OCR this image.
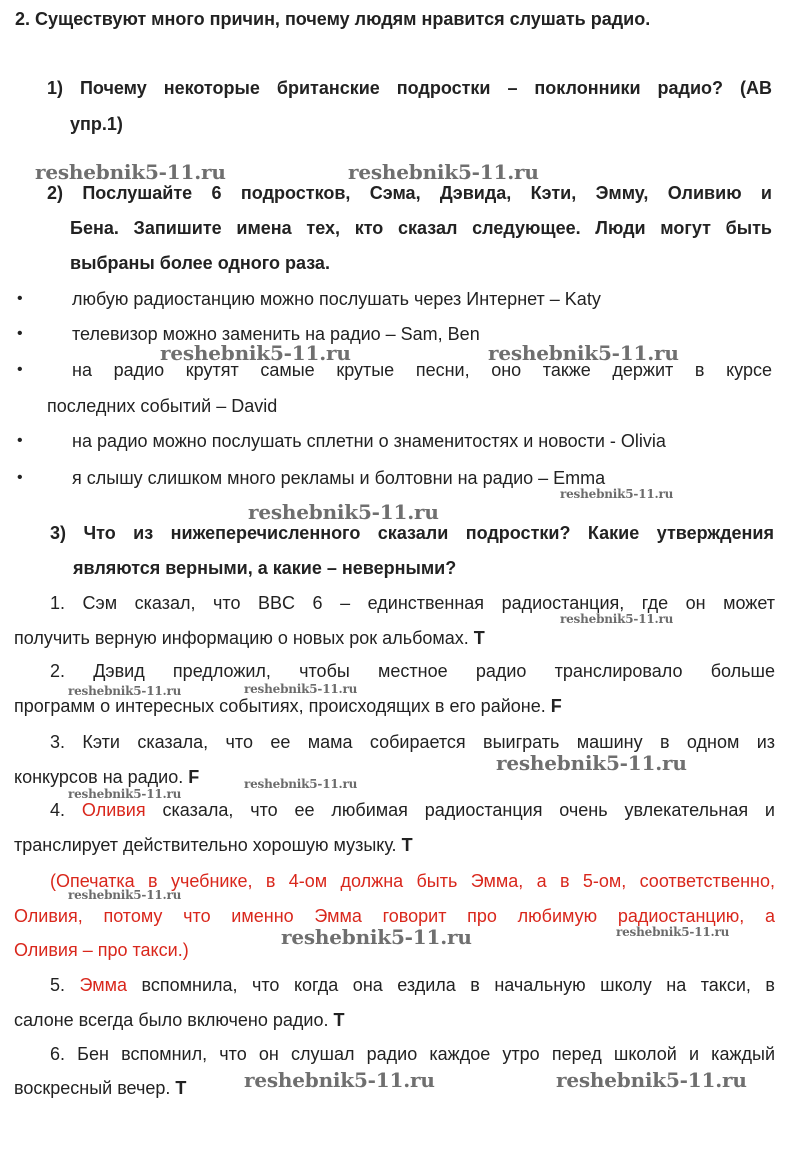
2. Существуют много причин, почему людям нравится слушать радио.
1) Почему некоторые британские подростки – поклонники радио? (AB
упр.1)
2) Послушайте 6 подростков, Сэма, Дэвида, Кэти, Эмму, Оливию и
Бена. Запишите имена тех, кто сказал следующее. Люди могут быть
выбраны более одного раза.
•	любую радиостанцию можно послушать через Интернет – Katy
•	телевизор можно заменить на радио – Sam, Ben
•	на радио крутят самые крутые песни, оно также держит в курсе
последних событий – David
•	на радио можно послушать сплетни о знаменитостях и новости - Olivia
•	я слышу слишком много рекламы и болтовни на радио – Emma
3) Что из нижеперечисленного сказали подростки? Какие утверждения
являются верными, а какие – неверными?
1. Сэм сказал, что BBC 6 – единственная радиостанция, где он может
получить верную информацию о новых рок альбомах. T
2. Дэвид предложил, чтобы местное радио транслировало больше
программ о интересных событиях, происходящих в его районе. F
3. Кэти сказала, что ее мама собирается выиграть машину в одном из
конкурсов на радио. F
4. Оливия сказала, что ее любимая радиостанция очень увлекательная и
транслирует действительно хорошую музыку. T
(Опечатка в учебнике, в 4-ом должна быть Эмма, а в 5-ом, соответственно,
Оливия, потому что именно Эмма говорит про любимую радиостанцию, а
Оливия – про такси.)
5. Эмма вспомнила, что когда она ездила в начальную школу на такси, в
салоне всегда было включено радио. T
6. Бен вспомнил, что он слушал радио каждое утро перед школой и каждый
воскресный вечер. T
reshebnik5-11.ru	reshebnik5-11.ru
reshebnik5-11.ru	reshebnik5-11.ru
reshebnik5-11.ru
reshebnik5-11.ru
reshebnik5-11.ru
reshebnik5-11.ru	reshebnik5-11.ru
reshebnik5-11.ru
reshebnik5-11.ru
reshebnik5-11.ru
reshebnik5-11.ru
reshebnik5-11.ru	reshebnik5-11.ru
reshebnik5-11.ru	reshebnik5-11.ru
